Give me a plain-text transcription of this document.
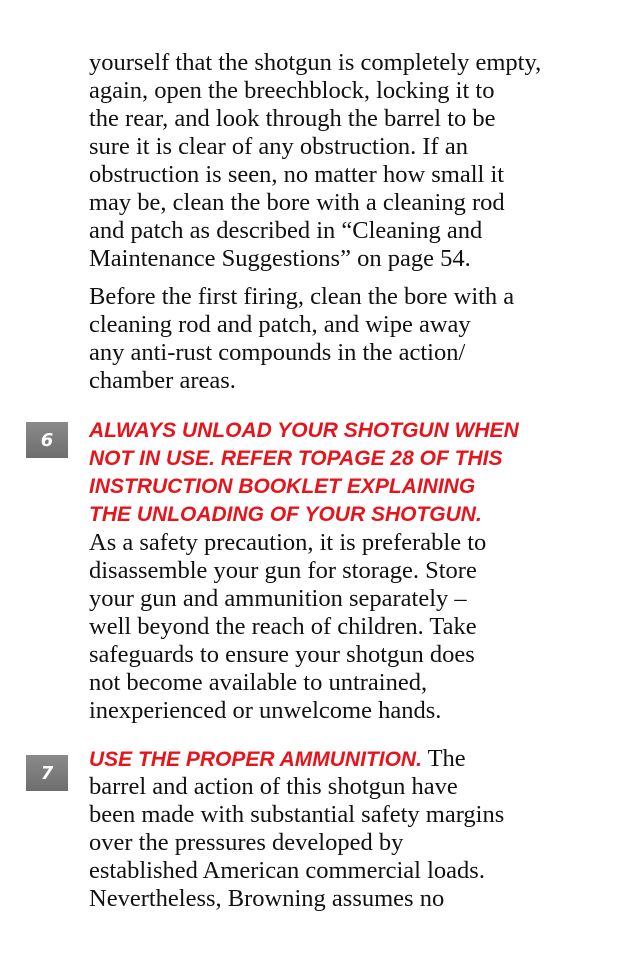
yourself that the shotgun is completely empty,
again, open the breechblock, locking it to
the rear, and look through the barrel to be
sure it is clear of any obstruction. If an
obstruction is seen, no matter how small it
may be, clean the bore with a cleaning rod
and patch as described in “Cleaning and
Maintenance Suggestions” on page 54.
Before the first firing, clean the bore with a
cleaning rod and patch, and wipe away
any anti-rust compounds in the action/
chamber areas.
6	ALWAYS UNLOAD YOUR SHOTGUN WHEN
NOT IN USE. REFER TOPAGE 28 OF THIS
INSTRUCTION BOOKLET EXPLAINING
THE UNLOADING OF YOUR SHOTGUN.
As a safety precaution, it is preferable to
disassemble your gun for storage. Store
your gun and ammunition separately –
well beyond the reach of children. Take
safeguards to ensure your shotgun does
not become available to untrained,
inexperienced or unwelcome hands.
7
USE THE PROPER AMMUNITION. The
barrel and action of this shotgun have
been made with substantial safety margins
over the pressures developed by
established American commercial loads.
Nevertheless, Browning assumes no
